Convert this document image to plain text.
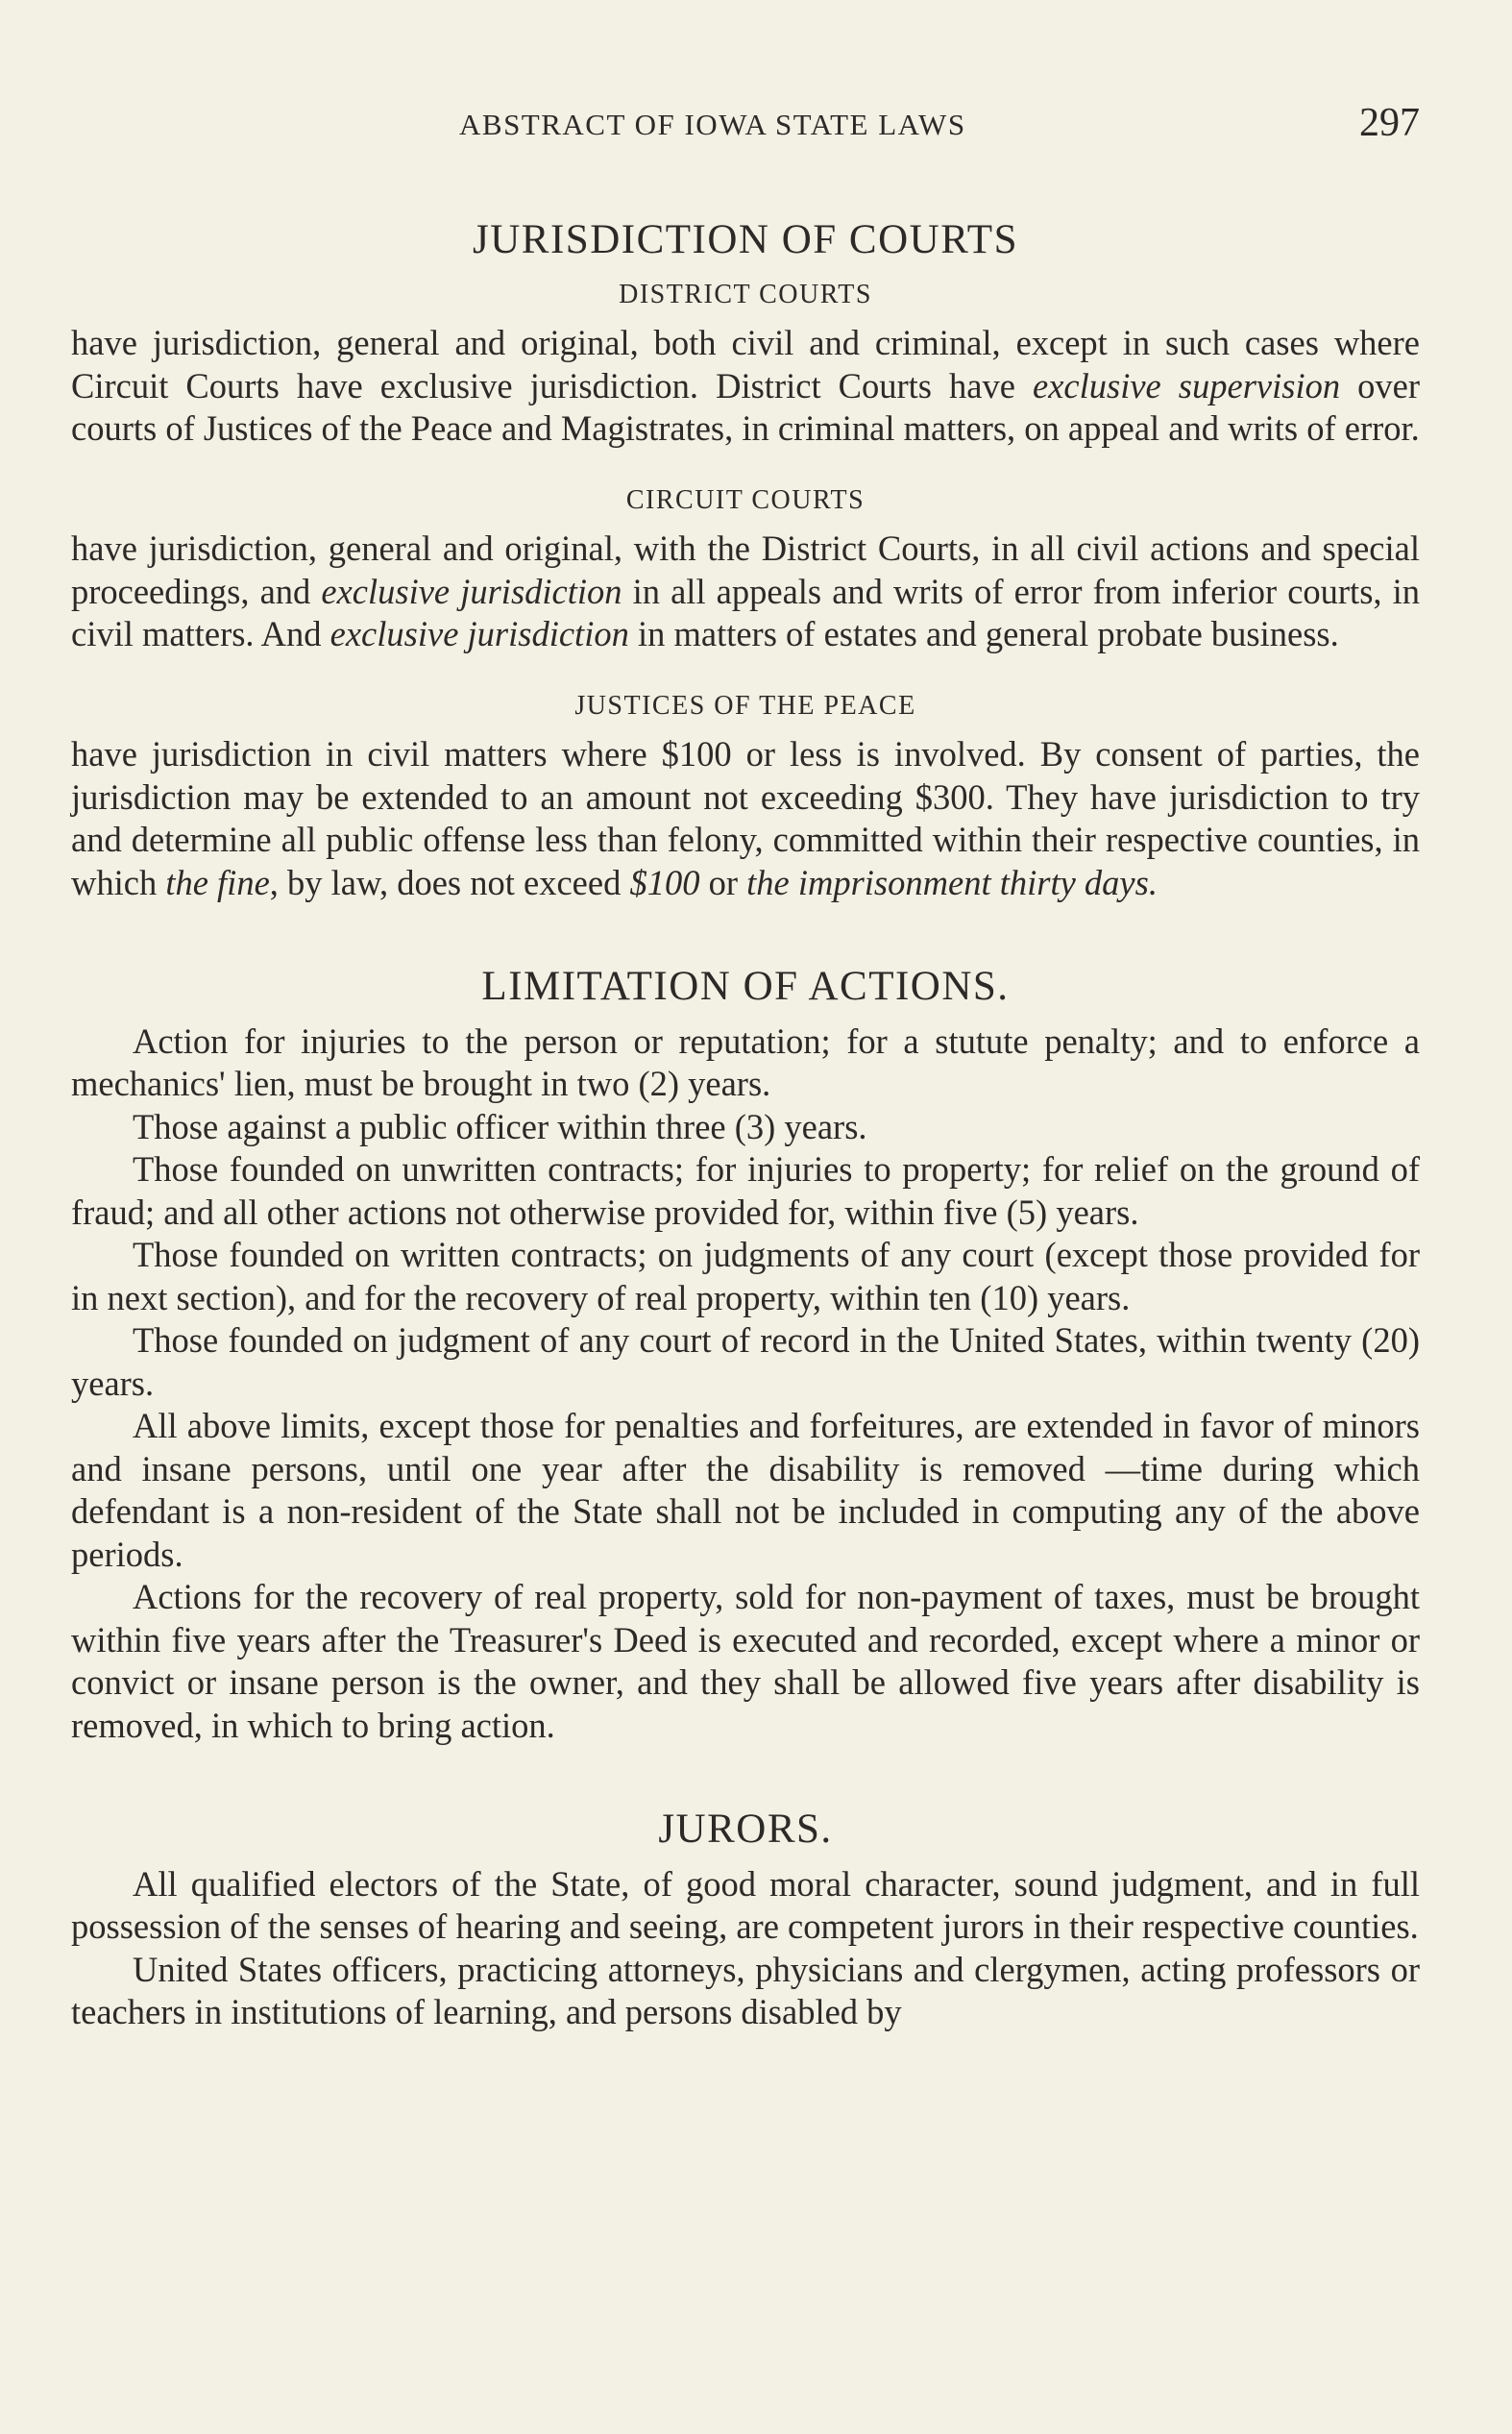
ABSTRACT OF IOWA STATE LAWS	297
JURISDICTION OF COURTS
DISTRICT COURTS

have jurisdiction, general and original, both civil and criminal, except in such cases where Circuit Courts have exclusive jurisdiction. District Courts have exclusive supervision over courts of Justices of the Peace and Magistrates, in criminal matters, on appeal and writs of error.

CIRCUIT COURTS

have jurisdiction, general and original, with the District Courts, in all civil actions and special proceedings, and exclusive jurisdiction in all appeals and writs of error from inferior courts, in civil matters. And exclusive jurisdiction in matters of estates and general probate business.

JUSTICES OF THE PEACE

have jurisdiction in civil matters where $100 or less is involved. By consent of parties, the jurisdiction may be extended to an amount not exceeding $300. They have jurisdiction to try and determine all public offense less than felony, committed within their respective counties, in which the fine, by law, does not exceed $100 or the imprisonment thirty days.

LIMITATION OF ACTIONS.

Action for injuries to the person or reputation; for a stutute penalty; and to enforce a mechanics' lien, must be brought in two (2) years.

Those against a public officer within three (3) years.

Those founded on unwritten contracts; for injuries to property; for relief on the ground of fraud; and all other actions not otherwise provided for, within five (5) years.

Those founded on written contracts; on judgments of any court (except those provided for in next section), and for the recovery of real property, within ten (10) years.

Those founded on judgment of any court of record in the United States, within twenty (20) years.

All above limits, except those for penalties and forfeitures, are extended in favor of minors and insane persons, until one year after the disability is removed —time during which defendant is a non-resident of the State shall not be included in computing any of the above periods.

Actions for the recovery of real property, sold for non-payment of taxes, must be brought within five years after the Treasurer's Deed is executed and recorded, except where a minor or convict or insane person is the owner, and they shall be allowed five years after disability is removed, in which to bring action.

JURORS.

All qualified electors of the State, of good moral character, sound judgment, and in full possession of the senses of hearing and seeing, are competent jurors in their respective counties.

United States officers, practicing attorneys, physicians and clergymen, acting professors or teachers in institutions of learning, and persons disabled by
